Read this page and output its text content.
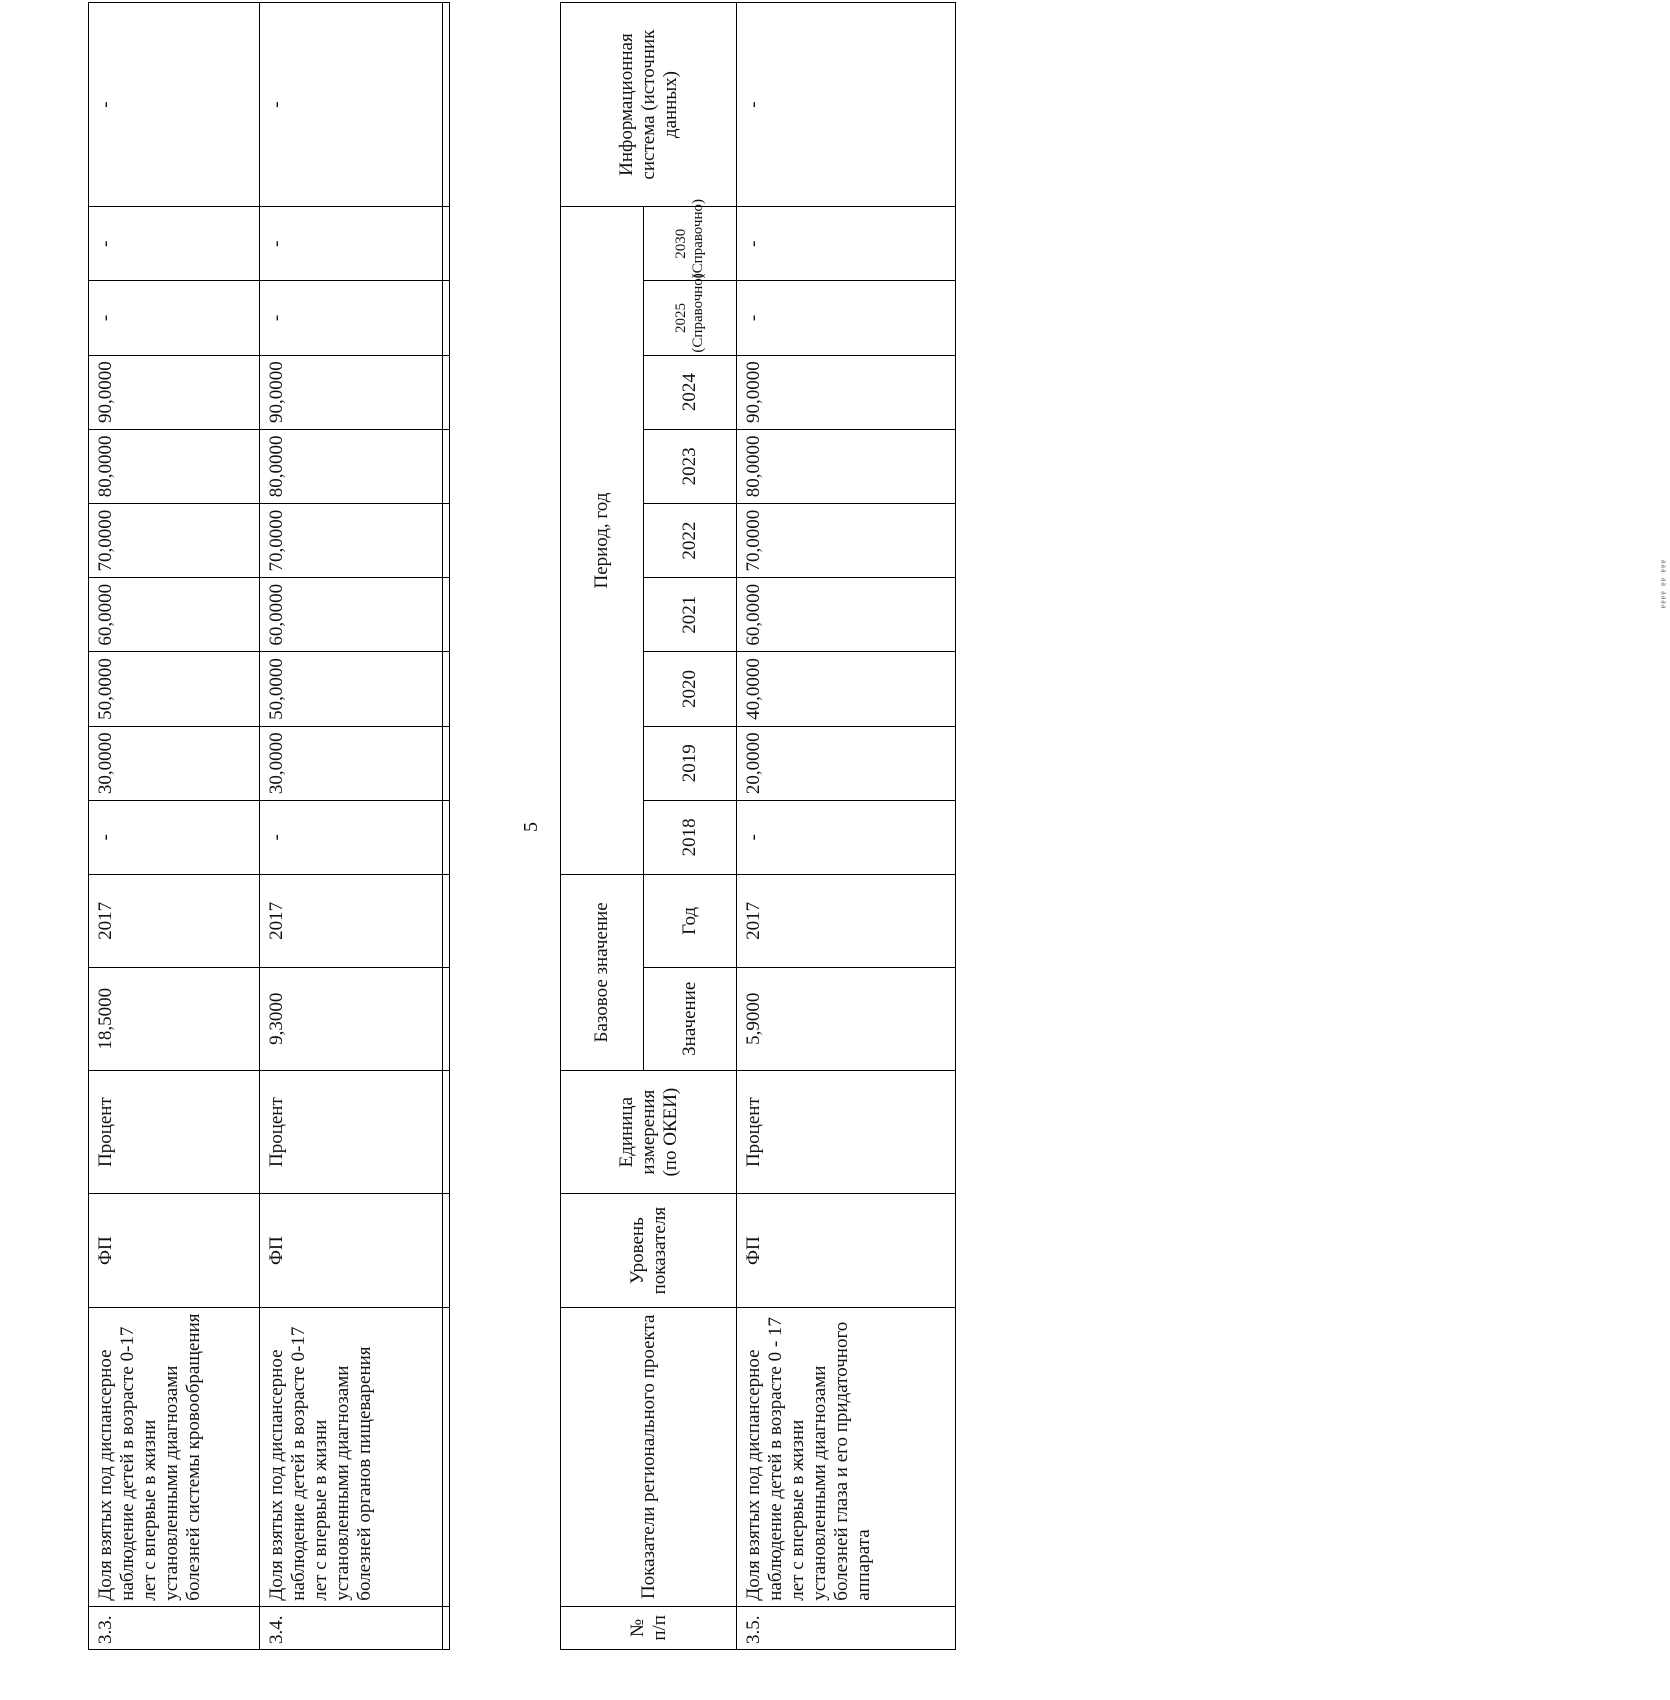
3.3.	Доля взятых под диспансерное наблюдение детей в возрасте 0-17 лет с впервые в жизни установленными диагнозами болезней системы кровообращения	ФП	Процент	18,5000	2017	-	30,0000	50,0000	60,0000	70,0000	80,0000	90,0000	-	-	-
3.4.	Доля взятых под диспансерное наблюдение детей в возрасте 0-17 лет с впервые в жизни установленными диагнозами болезней органов пищеварения	ФП	Процент	9,3000	2017	-	30,0000	50,0000	60,0000	70,0000	80,0000	90,0000	-	-	-

5
№ п/п	Показатели регионального проекта	Уровень показателя	Единица измерения (по ОКЕИ)	Базовое значение		Период, год									Информационная система (источник данных)
				Значение	Год	2018	2019	2020	2021	2022	2023	2024	2025 (Справочно)	2030 (Справочно)	
3.5.	Доля взятых под диспансерное наблюдение детей в возрасте 0 - 17 лет с впервые в жизни установленными диагнозами болезней глаза и его придаточного аппарата	ФП	Процент	5,9000	2017	-	20,0000	40,0000	60,0000	70,0000	80,0000	90,0000	-	-	-
ᵃᵃᵃ ᵃᵃ ᵃᵃᵃᵃ
